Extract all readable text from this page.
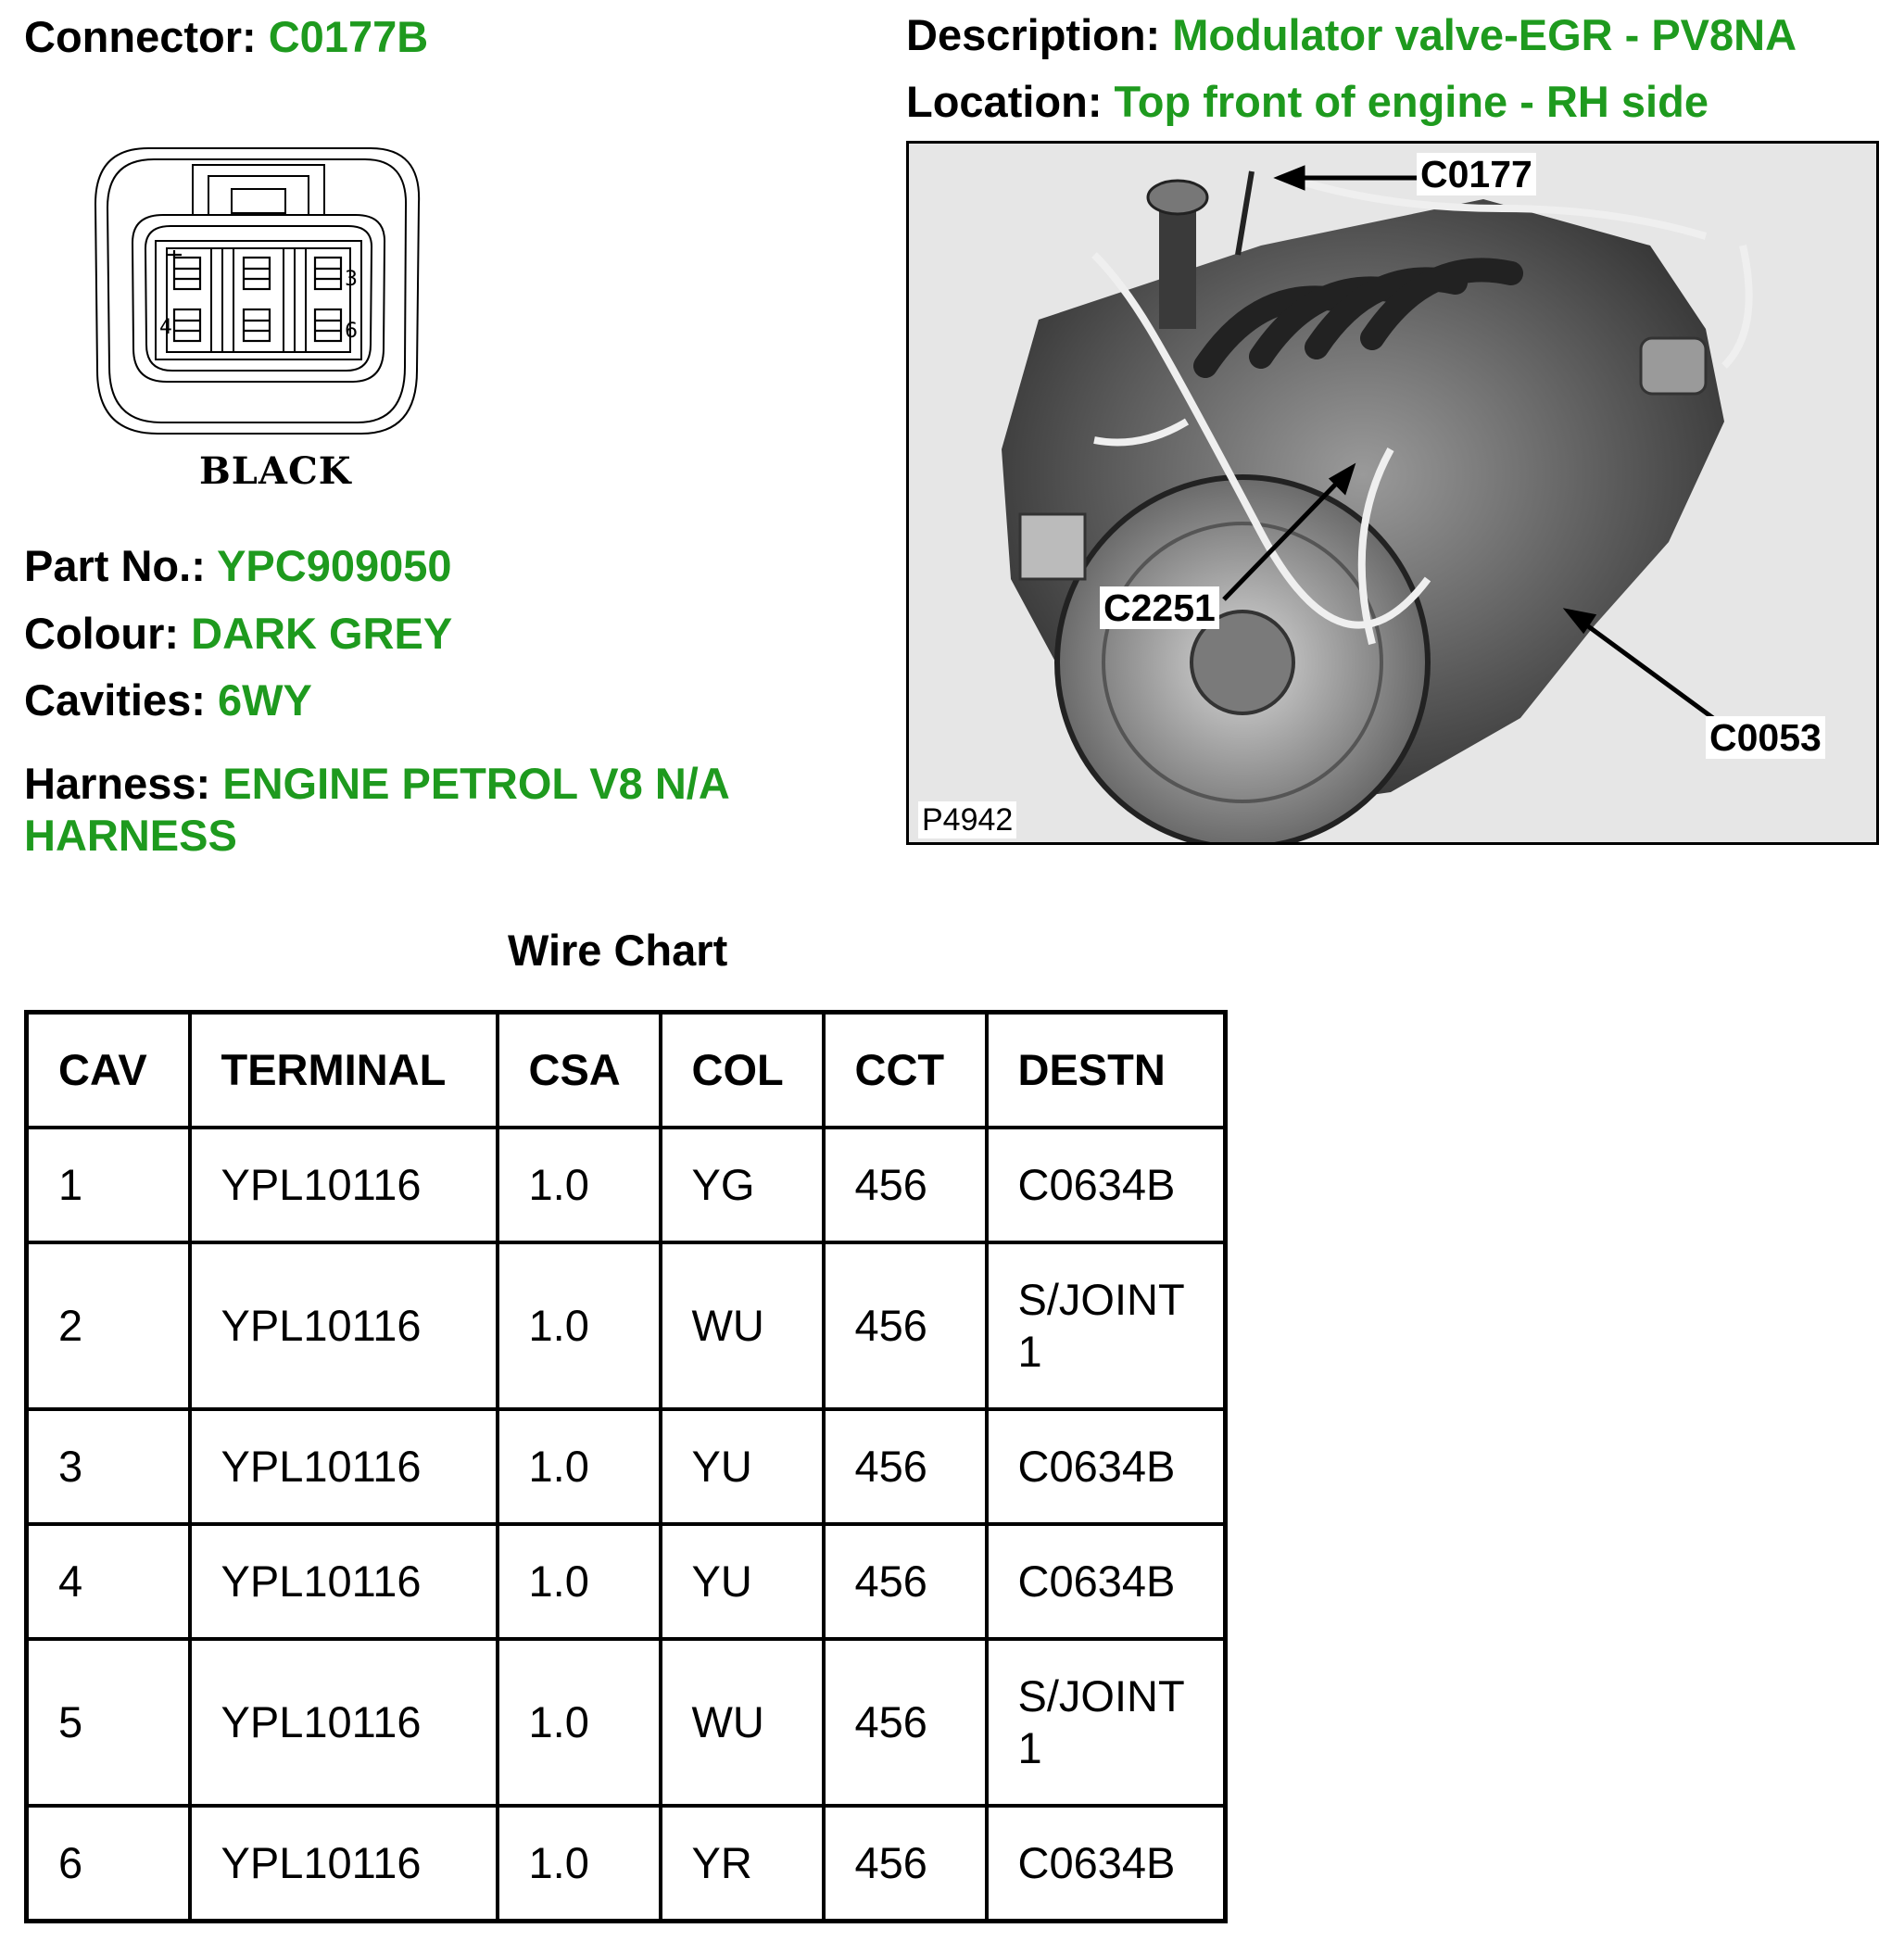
Connector: C0177B	Description: Modulator valve-EGR - PV8NA
Location: Top front of engine - RH side
3
4	6
BLACK
Part No.: YPC909050
Colour: DARK GREY
Cavities: 6WY
Harness: ENGINE PETROL V8 N/A
HARNESS
C0177
C2251
C0053
P4942
Wire Chart
CAV	TERMINAL	CSA	COL	CCT	DESTN
1	YPL10116	1.0	YG	456	C0634B
2	YPL10116	1.0	WU	456	S/JOINT 1
3	YPL10116	1.0	YU	456	C0634B
4	YPL10116	1.0	YU	456	C0634B
5	YPL10116	1.0	WU	456	S/JOINT 1
6	YPL10116	1.0	YR	456	C0634B
